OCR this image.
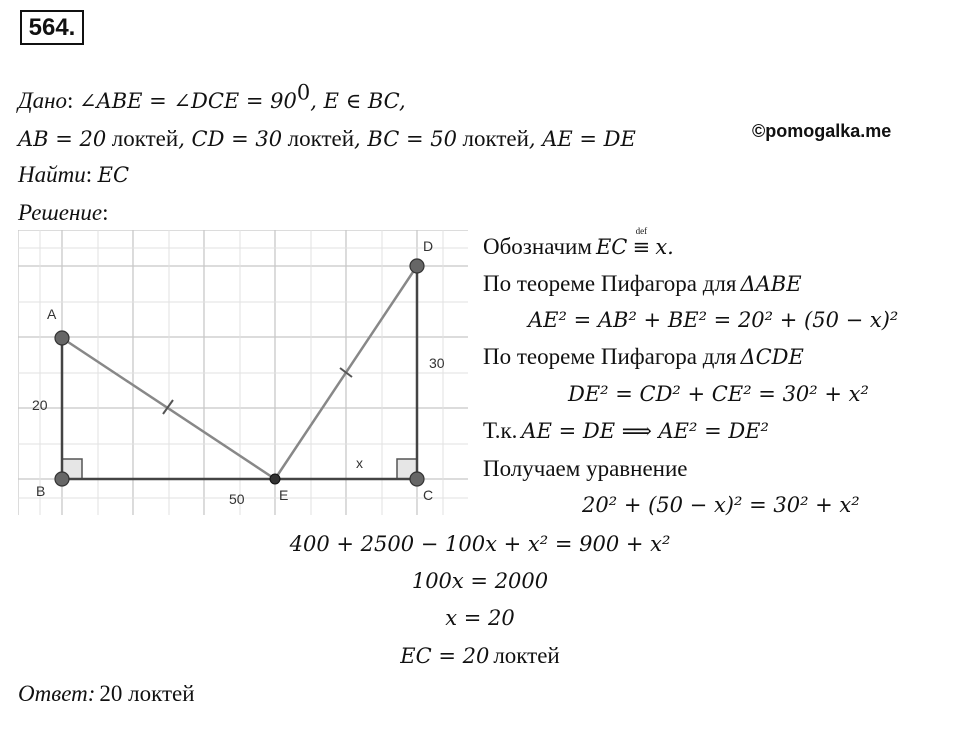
564.
Дано: ∠ABE = ∠DCE = $90^0$, E ∈ BC,
AB = 20 локтей, CD = 30 локтей, BC = 50 локтей, AE = DE	©pomogalka.me
Найти: EC
Решение:
A
B	C
D
E
20
30
50
x
Обозначим EC
def
≡ x.
По теореме Пифагора для ΔABE
AE² = AB² + BE² = 20² + (50 − x)²
По теореме Пифагора для ΔCDE
DE² = CD² + CE² = 30² + x²
Т.к. AE = DE ⟹ AE² = DE²
Получаем уравнение
20² + (50 − x)² = 30² + x²
400 + 2500 − 100x + x² = 900 + x²
100x = 2000
x = 20
EC = 20 локтей
Ответ: 20 локтей
